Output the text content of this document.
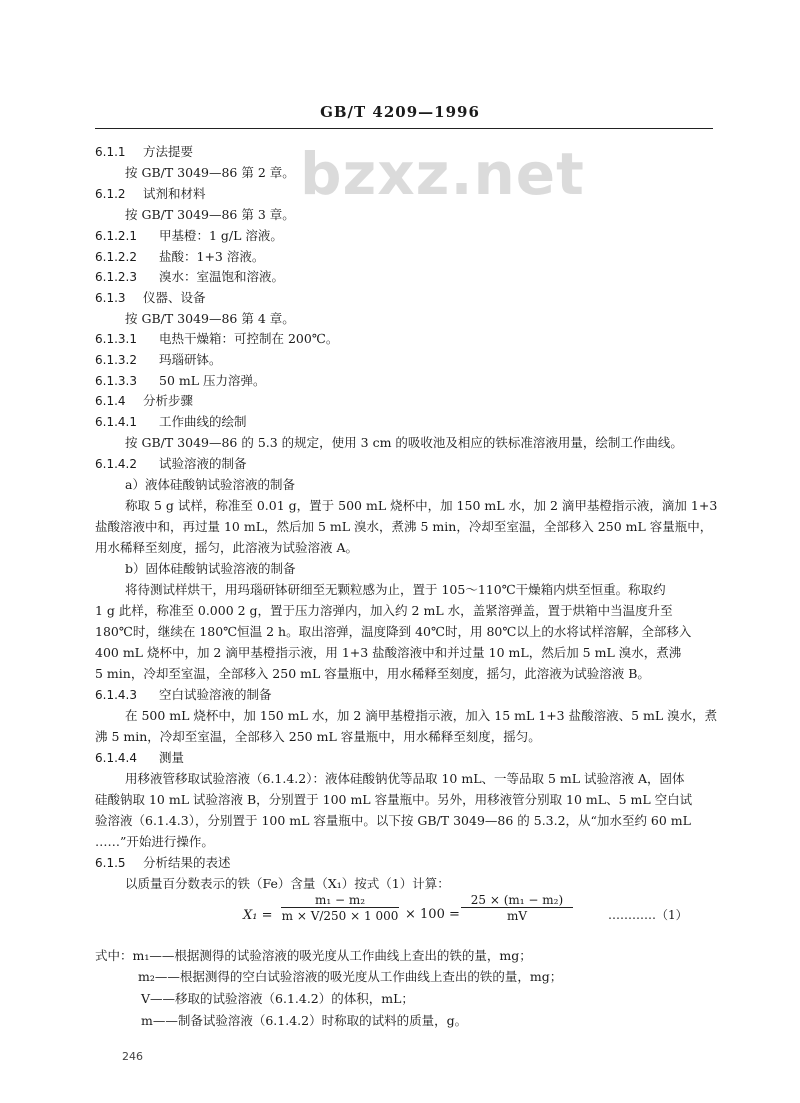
GB/T 4209—1996
bzxz.net
6.1.1 方法提要
按 GB/T 3049—86 第 2 章。
6.1.2 试剂和材料
按 GB/T 3049—86 第 3 章。
6.1.2.1 甲基橙：1 g/L 溶液。
6.1.2.2 盐酸：1+3 溶液。
6.1.2.3 溴水：室温饱和溶液。
6.1.3 仪器、设备
按 GB/T 3049—86 第 4 章。
6.1.3.1 电热干燥箱：可控制在 200℃。
6.1.3.2 玛瑙研钵。
6.1.3.3 50 mL 压力溶弹。
6.1.4 分析步骤
6.1.4.1 工作曲线的绘制
按 GB/T 3049—86 的 5.3 的规定，使用 3 cm 的吸收池及相应的铁标准溶液用量，绘制工作曲线。
6.1.4.2 试验溶液的制备
a）液体硅酸钠试验溶液的制备
称取 5 g 试样，称准至 0.01 g，置于 500 mL 烧杯中，加 150 mL 水，加 2 滴甲基橙指示液，滴加 1+3
盐酸溶液中和，再过量 10 mL，然后加 5 mL 溴水，煮沸 5 min，冷却至室温，全部移入 250 mL 容量瓶中，
用水稀释至刻度，摇匀，此溶液为试验溶液 A。
b）固体硅酸钠试验溶液的制备
将待测试样烘干，用玛瑙研钵研细至无颗粒感为止，置于 105～110℃干燥箱内烘至恒重。称取约
1 g 此样，称准至 0.000 2 g，置于压力溶弹内，加入约 2 mL 水，盖紧溶弹盖，置于烘箱中当温度升至
180℃时，继续在 180℃恒温 2 h。取出溶弹，温度降到 40℃时，用 80℃以上的水将试样溶解，全部移入
400 mL 烧杯中，加 2 滴甲基橙指示液，用 1+3 盐酸溶液中和并过量 10 mL，然后加 5 mL 溴水，煮沸
5 min，冷却至室温，全部移入 250 mL 容量瓶中，用水稀释至刻度，摇匀，此溶液为试验溶液 B。
6.1.4.3 空白试验溶液的制备
在 500 mL 烧杯中，加 150 mL 水，加 2 滴甲基橙指示液，加入 15 mL 1+3 盐酸溶液、5 mL 溴水，煮
沸 5 min，冷却至室温，全部移入 250 mL 容量瓶中，用水稀释至刻度，摇匀。
6.1.4.4 测量
用移液管移取试验溶液（6.1.4.2）：液体硅酸钠优等品取 10 mL、一等品取 5 mL 试验溶液 A，固体
硅酸钠取 10 mL 试验溶液 B，分别置于 100 mL 容量瓶中。另外，用移液管分别取 10 mL、5 mL 空白试
验溶液（6.1.4.3），分别置于 100 mL 容量瓶中。以下按 GB/T 3049—86 的 5.3.2，从“加水至约 60 mL
……”开始进行操作。
6.1.5 分析结果的表述
以质量百分数表示的铁（Fe）含量（X₁）按式（1）计算：
$X_1 = \frac{\text{m₁ − m₂}}{m \times V/250 \times 1 000} \times 100 = \frac{\text{25 × (m₁ − m₂)}}{mV}$	…………（1）
式中：m₁——根据测得的试验溶液的吸光度从工作曲线上查出的铁的量，mg；
m₂——根据测得的空白试验溶液的吸光度从工作曲线上查出的铁的量，mg；
V——移取的试验溶液（6.1.4.2）的体积，mL；
m——制备试验溶液（6.1.4.2）时称取的试料的质量，g。
246
